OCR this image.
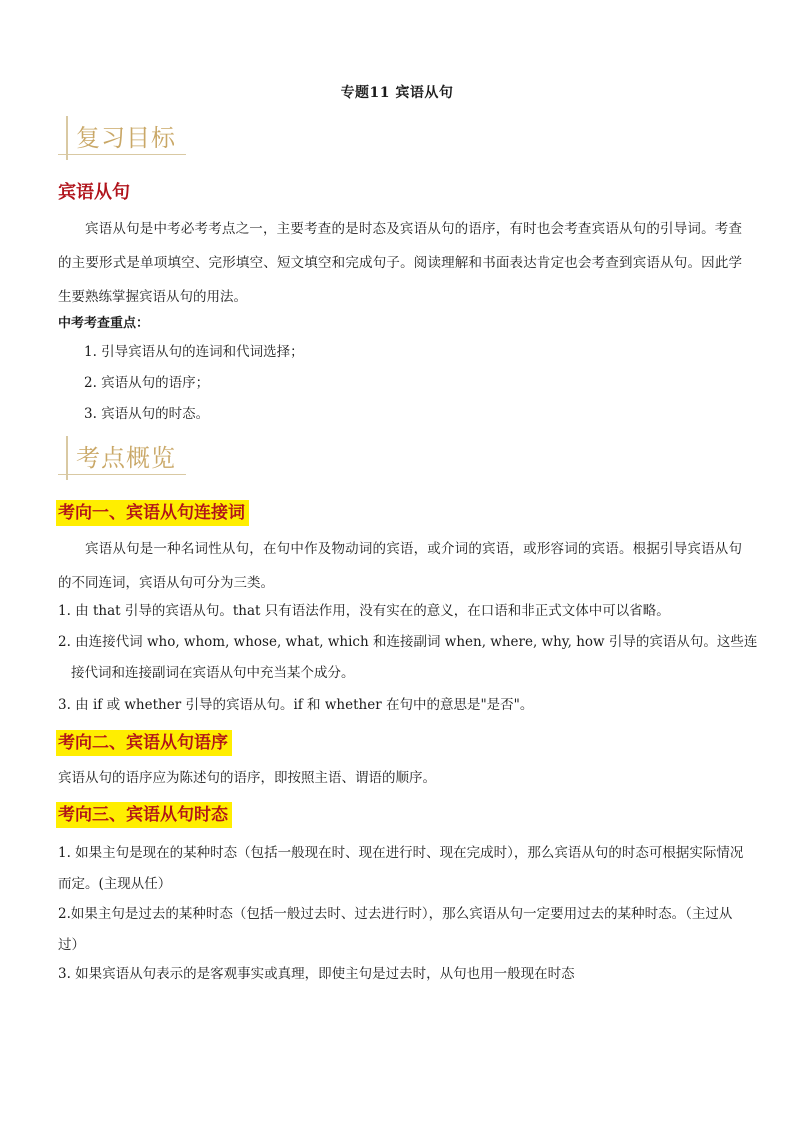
专题11 宾语从句
复习目标
宾语从句
宾语从句是中考必考考点之一，主要考查的是时态及宾语从句的语序，有时也会考查宾语从句的引导词。考查的主要形式是单项填空、完形填空、短文填空和完成句子。阅读理解和书面表达肯定也会考查到宾语从句。因此学生要熟练掌握宾语从句的用法。
中考考查重点：
1. 引导宾语从句的连词和代词选择；
2. 宾语从句的语序；
3. 宾语从句的时态。
考点概览
考向一、宾语从句连接词
宾语从句是一种名词性从句，在句中作及物动词的宾语，或介词的宾语，或形容词的宾语。根据引导宾语从句的不同连词，宾语从句可分为三类。
1. 由 that 引导的宾语从句。that 只有语法作用，没有实在的意义，在口语和非正式文体中可以省略。
2. 由连接代词 who, whom, whose, what, which 和连接副词 when, where, why, how 引导的宾语从句。这些连接代词和连接副词在宾语从句中充当某个成分。
3. 由 if 或 whether 引导的宾语从句。if 和 whether 在句中的意思是"是否"。
考向二、宾语从句语序
宾语从句的语序应为陈述句的语序，即按照主语、谓语的顺序。
考向三、宾语从句时态
1. 如果主句是现在的某种时态（包括一般现在时、现在进行时、现在完成时），那么宾语从句的时态可根据实际情况而定。(主现从任）
2.如果主句是过去的某种时态（包括一般过去时、过去进行时），那么宾语从句一定要用过去的某种时态。（主过从过）
3. 如果宾语从句表示的是客观事实或真理，即使主句是过去时，从句也用一般现在时态
